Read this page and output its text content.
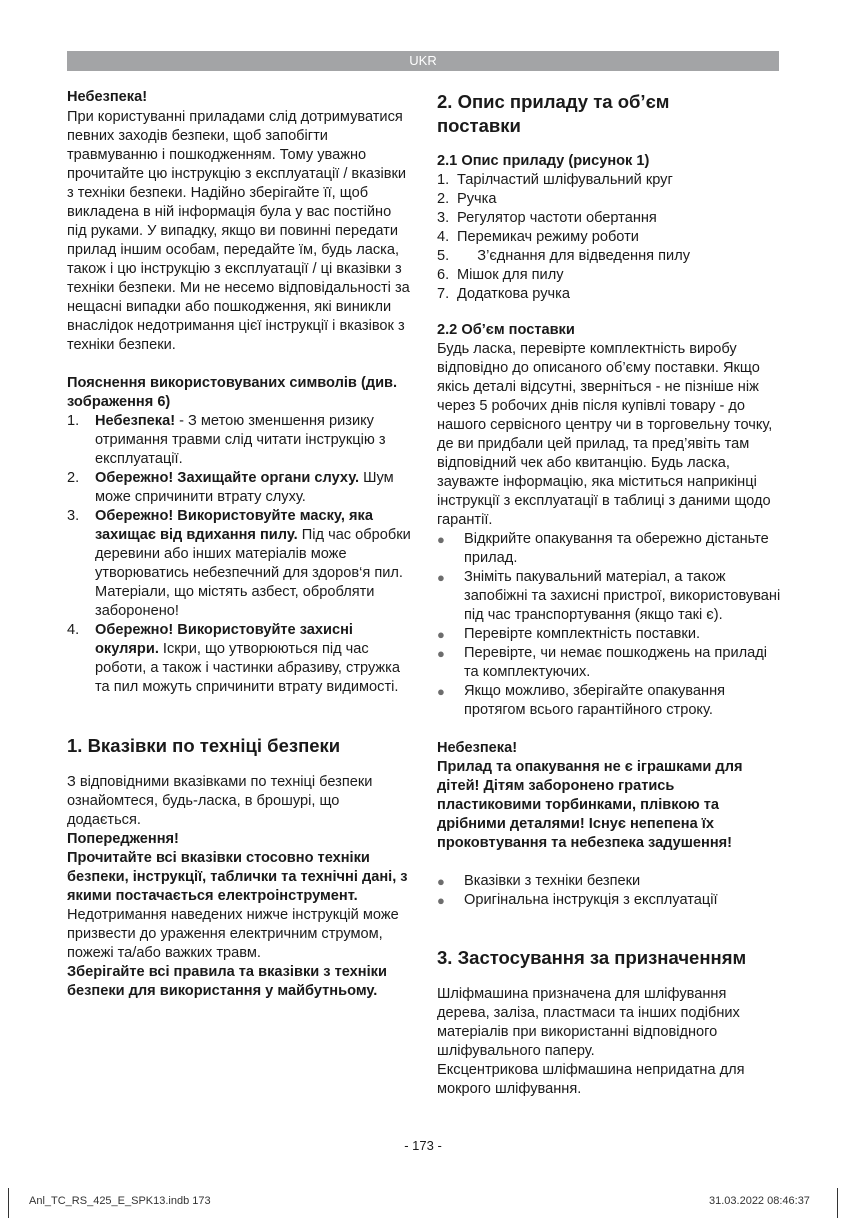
UKR

Небезпека!

При користуванні приладами слід дотримуватися певних заходів безпеки, щоб запобігти травмуванню і пошкодженням. Тому уважно прочитайте цю інструкцію з експлуатації / вказівки з техніки безпеки. Надійно зберігайте її, щоб викладена в ній інформація була у вас постійно під руками. У випадку, якщо ви повинні передати прилад іншим особам, передайте їм, будь ласка, також і цю інструкцію з експлуатації / ці вказівки з техніки безпеки. Ми не несемо відповідальності за нещасні випадки або пошкодження, які виникли внаслідок недотримання цієї інструкції і вказівок з техніки безпеки.

Пояснення використовуваних символів (див. зображення 6)

1.	Небезпека! - З метою зменшення ризику отримання травми слід читати інструкцію з експлуатації.
2.	Обережно! Захищайте органи слуху. Шум може спричинити втрату слуху.
3.	Обережно! Використовуйте маску, яка захищає від вдихання пилу. Під час обробки деревини або інших матеріалів може утворюватись небезпечний для здоров‘я пил. Матеріали, що містять азбест, обробляти заборонено!
4.	Обережно! Використовуйте захисні окуляри. Іскри, що утворюються під час роботи, а також і частинки абразиву, стружка та пил можуть спричинити втрату видимості.

1. Вказівки по техніці безпеки

З відповідними вказівками по техніці безпеки ознайомтеся, будь-ласка, в брошурі, що додається.

Попередження!

Прочитайте всі вказівки стосовно техніки безпеки, інструкції, таблички та технічні дані, з якими постачається електроінструмент. Недотримання наведених нижче інструкцій може призвести до ураження електричним струмом, пожежі та/або важких травм.

Зберігайте всі правила та вказівки з техніки безпеки для використання у майбутньому.

2. Опис приладу та об’єм поставки

2.1 Опис приладу (рисунок 1)

1. Тарілчастий шліфувальний круг
2. Ручка
3. Регулятор частоти обертання
4. Перемикач режиму роботи
5. З’єднання для відведення пилу
6. Мішок для пилу
7. Додаткова ручка

2.2 Об’єм поставки

Будь ласка, перевірте комплектність виробу відповідно до описаного об’єму поставки. Якщо якісь деталі відсутні, зверніться - не пізніше ніж через 5 робочих днів після купівлі товару - до нашого сервісного центру чи в торговельну точку, де ви придбали цей прилад, та пред’явіть там відповідний чек або квитанцію. Будь ласка, зауважте інформацію, яка міститься наприкінці інструкції з експлуатації в таблиці з даними щодо гарантії.

●	Відкрийте опакування та обережно дістаньте прилад.
●	Зніміть пакувальний матеріал, а також запобіжні та захисні пристрої, використовувані під час транспортування (якщо такі є).
●	Перевірте комплектність поставки.
●	Перевірте, чи немає пошкоджень на приладі та комплектуючих.
●	Якщо можливо, зберігайте опакування протягом всього гарантійного строку.

Небезпека!

Прилад та опакування не є іграшками для дітей! Дітям заборонено гратись пластиковими торбинками, плівкою та дрібними деталями! Існує непепена їх проковтування та небезпека задушення!

●	Вказівки з техніки безпеки
●	Оригінальна інструкція з експлуатації

3. Застосування за призначенням

Шліфмашина призначена для шліфування дерева, заліза, пластмаси та інших подібних матеріалів при використанні відповідного шліфувального паперу.

Ексцентрикова шліфмашина непридатна для мокрого шліфування.

- 173 -
Anl_TC_RS_425_E_SPK13.indb 173	31.03.2022 08:46:37
